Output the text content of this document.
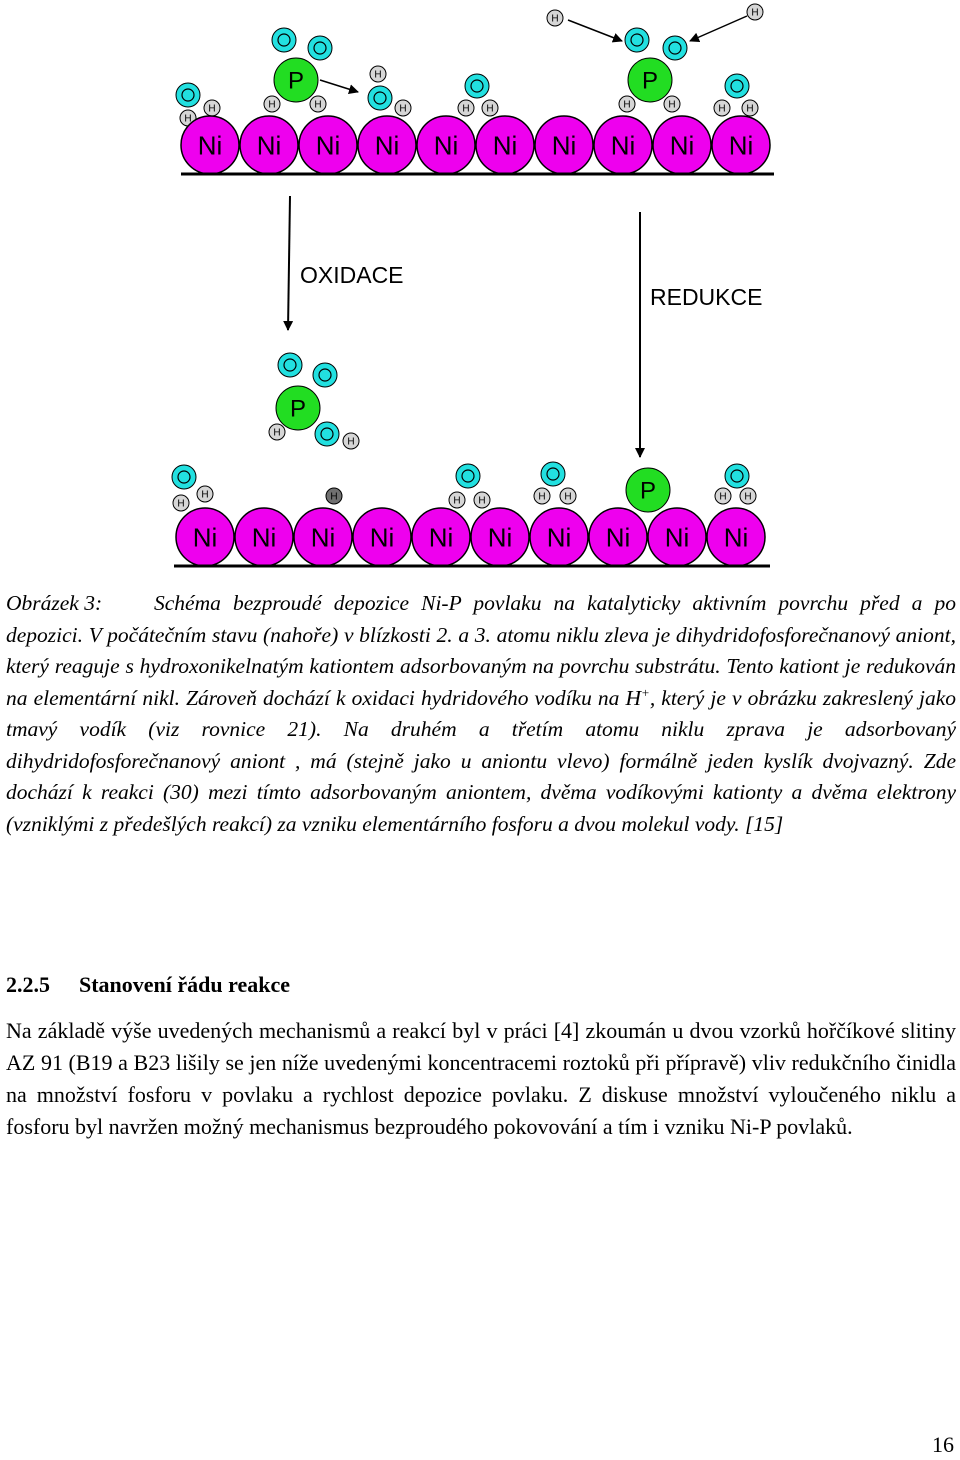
H
H
P
H	H
H
H	H H
H
H
P
H	H	H H
Ni Ni Ni Ni Ni Ni Ni Ni Ni Ni
P
H
H
H
H	H	H H	H H	P	H H
Ni Ni Ni Ni Ni Ni Ni Ni Ni Ni
OXIDACE
REDUKCE

Obrázek 3: Schéma bezproudé depozice Ni-P povlaku na katalyticky aktivním povrchu před a po depozici. V počátečním stavu (nahoře) v blízkosti 2. a 3. atomu niklu zleva je dihydridofosforečnanový aniont, který reaguje s hydroxonikelnatým kationtem adsorbovaným na povrchu substrátu. Tento kationt je redukován na elementární nikl. Zároveň dochází k oxidaci hydridového vodíku na H+, který je v obrázku zakreslený jako tmavý vodík (viz rovnice 21). Na druhém a třetím atomu niklu zprava je adsorbovaný dihydridofosforečnanový aniont , má (stejně jako u aniontu vlevo) formálně jeden kyslík dvojvazný. Zde dochází k reakci (30) mezi tímto adsorbovaným aniontem, dvěma vodíkovými kationty a dvěma elektrony (vzniklými z předešlých reakcí) za vzniku elementárního fosforu a dvou molekul vody. [15]

2.2.5 Stanovení řádu reakce

Na základě výše uvedených mechanismů a reakcí byl v práci [4] zkoumán u dvou vzorků hořčíkové slitiny AZ 91 (B19 a B23 lišily se jen níže uvedenými koncentracemi roztoků při přípravě) vliv redukčního činidla na množství fosforu v povlaku a rychlost depozice povlaku. Z diskuse množství vyloučeného niklu a fosforu byl navržen možný mechanismus bezproudého pokovování a tím i vzniku Ni-P povlaků.

16
